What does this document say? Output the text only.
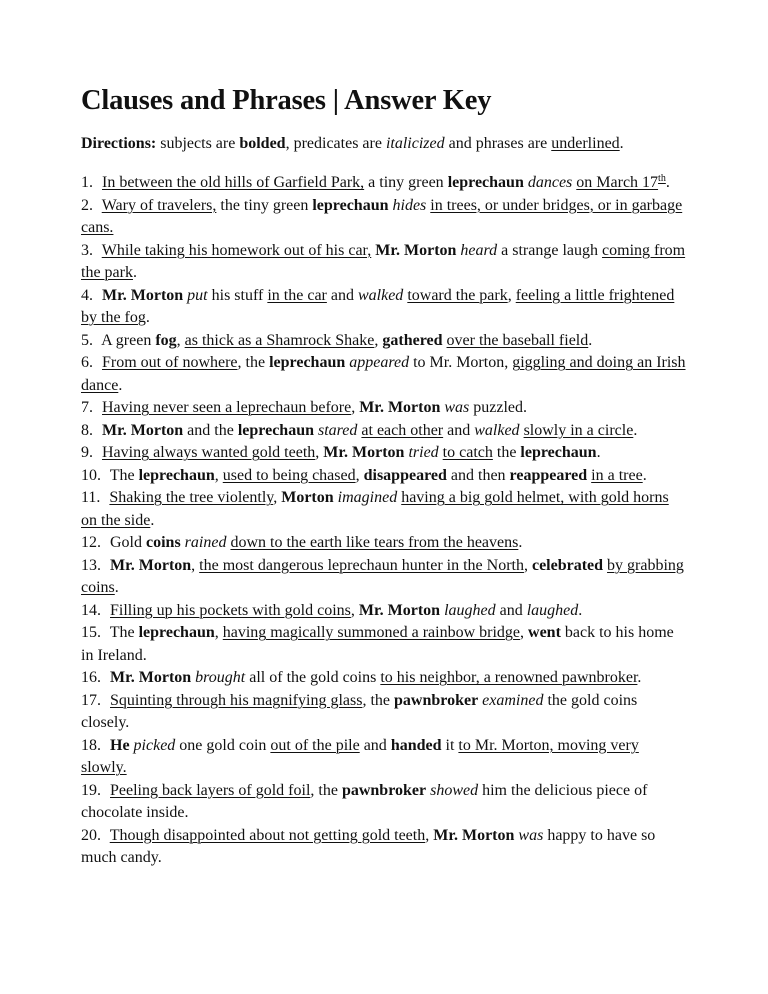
Clauses and Phrases | Answer Key

Directions: subjects are bolded, predicates are italicized and phrases are underlined.

1. In between the old hills of Garfield Park, a tiny green leprechaun dances on March 17th.
2. Wary of travelers, the tiny green leprechaun hides in trees, or under bridges, or in garbage cans.
3. While taking his homework out of his car, Mr. Morton heard a strange laugh coming from the park.
4. Mr. Morton put his stuff in the car and walked toward the park, feeling a little frightened by the fog.
5. A green fog, as thick as a Shamrock Shake, gathered over the baseball field.
6. From out of nowhere, the leprechaun appeared to Mr. Morton, giggling and doing an Irish dance.
7. Having never seen a leprechaun before, Mr. Morton was puzzled.
8. Mr. Morton and the leprechaun stared at each other and walked slowly in a circle.
9. Having always wanted gold teeth, Mr. Morton tried to catch the leprechaun.
10. The leprechaun, used to being chased, disappeared and then reappeared in a tree.
11. Shaking the tree violently, Morton imagined having a big gold helmet, with gold horns on the side.
12. Gold coins rained down to the earth like tears from the heavens.
13. Mr. Morton, the most dangerous leprechaun hunter in the North, celebrated by grabbing coins.
14. Filling up his pockets with gold coins, Mr. Morton laughed and laughed.
15. The leprechaun, having magically summoned a rainbow bridge, went back to his home in Ireland.
16. Mr. Morton brought all of the gold coins to his neighbor, a renowned pawnbroker.
17. Squinting through his magnifying glass, the pawnbroker examined the gold coins closely.
18. He picked one gold coin out of the pile and handed it to Mr. Morton, moving very slowly.
19. Peeling back layers of gold foil, the pawnbroker showed him the delicious piece of chocolate inside.
20. Though disappointed about not getting gold teeth, Mr. Morton was happy to have so much candy.
